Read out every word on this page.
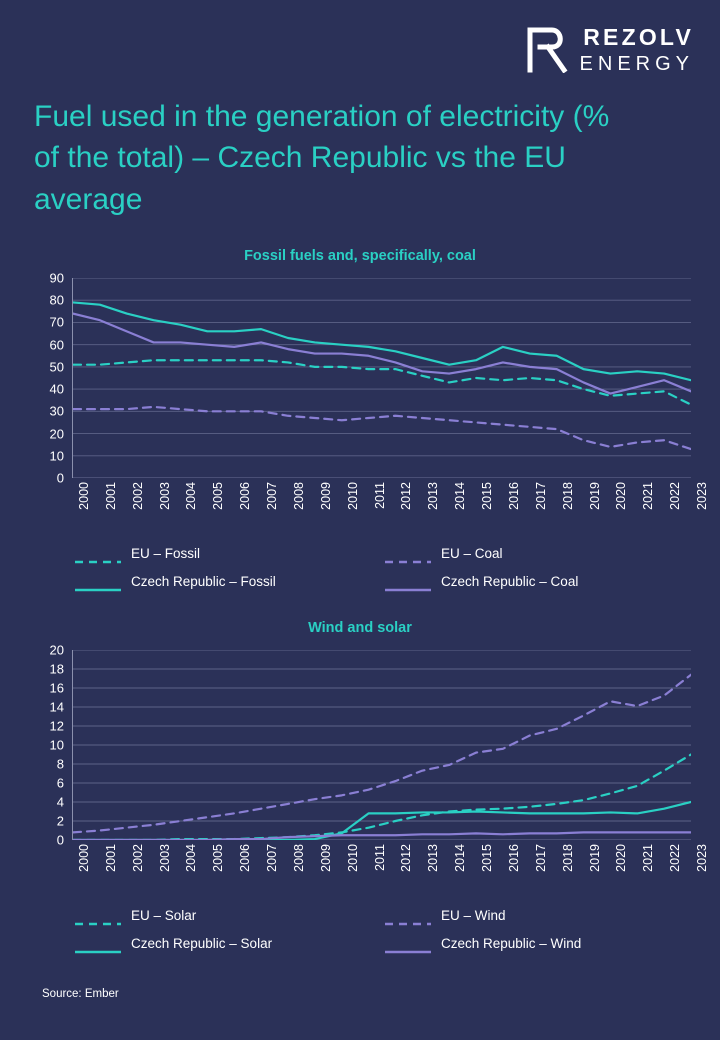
REZOLV
ENERGY
Fuel used in the generation of electricity (% of the total) – Czech Republic vs the EU average
Fossil fuels and, specifically, coal
0
10
20
30
40
50
60
70
80
90
2000 2001 2002 2003 2004 2005 2006 2007 2008 2009 2010 2011 2012 2013 2014 2015 2016 2017 2018 2019 2020 2021 2022 2023
EU – Fossil	EU – Coal
Czech Republic – Fossil	Czech Republic – Coal
Wind and solar
0
2
4
6
8
10
12
14
16
18
20
2000 2001 2002 2003 2004 2005 2006 2007 2008 2009 2010 2011 2012 2013 2014 2015 2016 2017 2018 2019 2020 2021 2022 2023
EU – Solar	EU – Wind
Czech Republic – Solar	Czech Republic – Wind
Source: Ember
